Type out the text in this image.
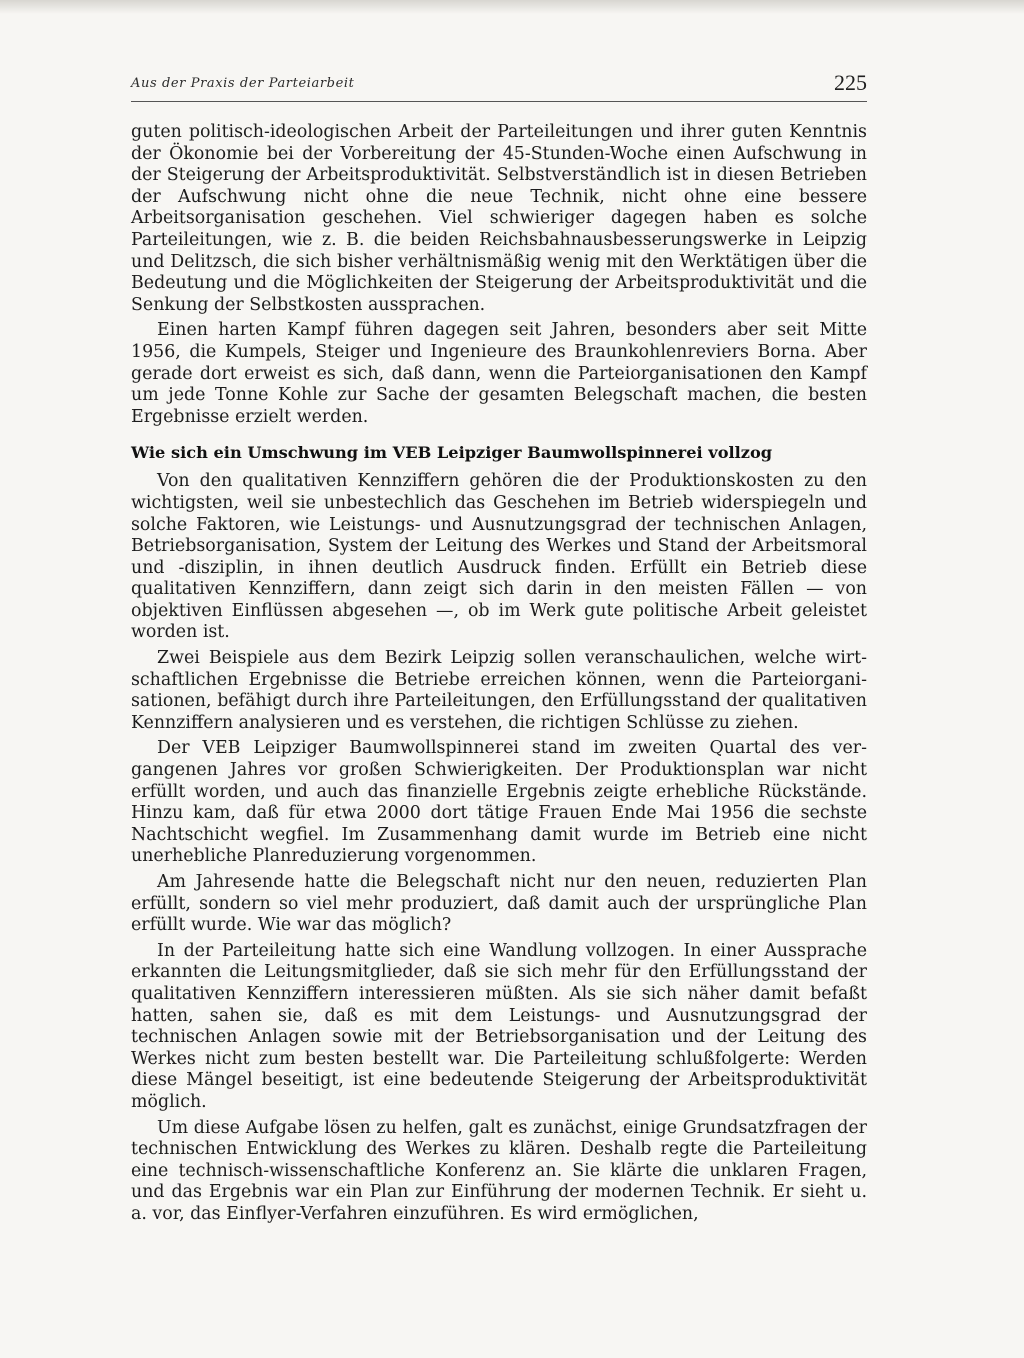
Aus der Praxis der Parteiarbeit	225

guten politisch-ideologischen Arbeit der Parteileitungen und ihrer guten Kenntnis der Ökonomie bei der Vorbereitung der 45-Stunden-Woche einen Aufschwung in der Steigerung der Arbeitsproduktivität. Selbstverständlich ist in diesen Betrieben der Aufschwung nicht ohne die neue Technik, nicht ohne eine bessere Arbeitsorganisation geschehen. Viel schwieriger dagegen haben es solche Parteileitungen, wie z. B. die beiden Reichsbahnausbesserungswerke in Leipzig und Delitzsch, die sich bisher verhältnismäßig wenig mit den Werktätigen über die Bedeutung und die Möglichkeiten der Steigerung der Arbeitsproduktivität und die Senkung der Selbstkosten aussprachen.

Einen harten Kampf führen dagegen seit Jahren, besonders aber seit Mitte 1956, die Kumpels, Steiger und Ingenieure des Braunkohlenreviers Borna. Aber gerade dort erweist es sich, daß dann, wenn die Parteiorganisationen den Kampf um jede Tonne Kohle zur Sache der gesamten Belegschaft machen, die besten Ergebnisse erzielt werden.

Wie sich ein Umschwung im VEB Leipziger Baumwollspinnerei vollzog

Von den qualitativen Kennziffern gehören die der Produktionskosten zu den wichtigsten, weil sie unbestechlich das Geschehen im Betrieb widerspiegeln und solche Faktoren, wie Leistungs- und Ausnutzungsgrad der technischen Anlagen, Betriebsorganisation, System der Leitung des Werkes und Stand der Arbeitsmoral und -disziplin, in ihnen deutlich Ausdruck finden. Erfüllt ein Betrieb diese qualitativen Kennziffern, dann zeigt sich darin in den meisten Fällen — von objektiven Einflüssen abgesehen —, ob im Werk gute politische Arbeit geleistet worden ist.

Zwei Beispiele aus dem Bezirk Leipzig sollen veranschaulichen, welche wirtschaftlichen Ergebnisse die Betriebe erreichen können, wenn die Parteiorganisationen, befähigt durch ihre Parteileitungen, den Erfüllungsstand der qualitativen Kennziffern analysieren und es verstehen, die richtigen Schlüsse zu ziehen.

Der VEB Leipziger Baumwollspinnerei stand im zweiten Quartal des vergangenen Jahres vor großen Schwierigkeiten. Der Produktionsplan war nicht erfüllt worden, und auch das finanzielle Ergebnis zeigte erhebliche Rückstände. Hinzu kam, daß für etwa 2000 dort tätige Frauen Ende Mai 1956 die sechste Nachtschicht wegfiel. Im Zusammenhang damit wurde im Betrieb eine nicht unerhebliche Planreduzierung vorgenommen.

Am Jahresende hatte die Belegschaft nicht nur den neuen, reduzierten Plan erfüllt, sondern so viel mehr produziert, daß damit auch der ursprüngliche Plan erfüllt wurde. Wie war das möglich?

In der Parteileitung hatte sich eine Wandlung vollzogen. In einer Aussprache erkannten die Leitungsmitglieder, daß sie sich mehr für den Erfüllungsstand der qualitativen Kennziffern interessieren müßten. Als sie sich näher damit befaßt hatten, sahen sie, daß es mit dem Leistungs- und Ausnutzungsgrad der technischen Anlagen sowie mit der Betriebsorganisation und der Leitung des Werkes nicht zum besten bestellt war. Die Parteileitung schlußfolgerte: Werden diese Mängel beseitigt, ist eine bedeutende Steigerung der Arbeitsproduktivität möglich.

Um diese Aufgabe lösen zu helfen, galt es zunächst, einige Grundsatzfragen der technischen Entwicklung des Werkes zu klären. Deshalb regte die Parteileitung eine technisch-wissenschaftliche Konferenz an. Sie klärte die unklaren Fragen, und das Ergebnis war ein Plan zur Einführung der modernen Technik. Er sieht u. a. vor, das Einflyer-Verfahren einzuführen. Es wird ermöglichen,
